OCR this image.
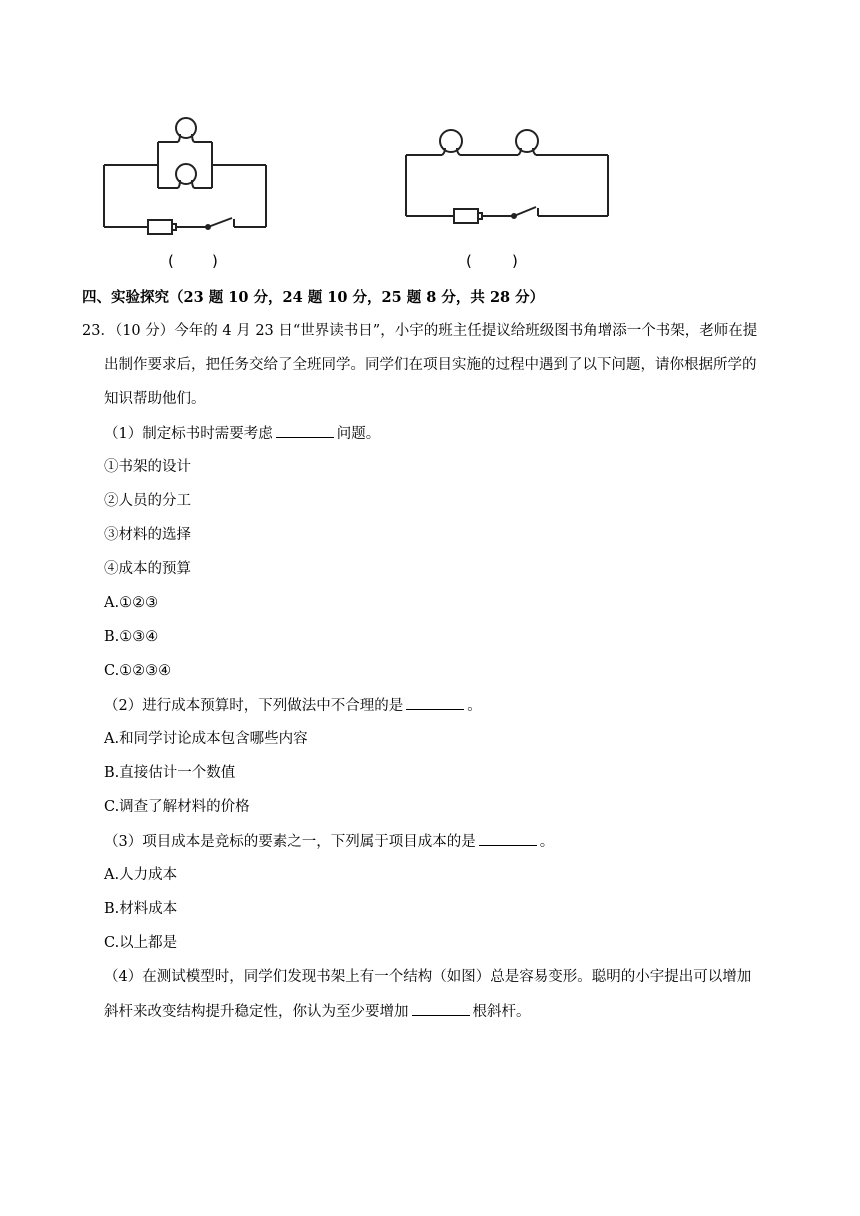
(	)	(	)
四、实验探究（23 题 10 分，24 题 10 分，25 题 8 分，共 28 分）
23．（10 分）今年的 4 月 23 日“世界读书日”，小宇的班主任提议给班级图书角增添一个书架，老师在提
出制作要求后，把任务交给了全班同学。同学们在项目实施的过程中遇到了以下问题，请你根据所学的
知识帮助他们。
（1）制定标书时需要考虑	问题。
①书架的设计
②人员的分工
③材料的选择
④成本的预算
A.①②③
B.①③④
C.①②③④
（2）进行成本预算时，下列做法中不合理的是	。
A.和同学讨论成本包含哪些内容
B.直接估计一个数值
C.调查了解材料的价格
（3）项目成本是竞标的要素之一，下列属于项目成本的是	。
A.人力成本
B.材料成本
C.以上都是
（4）在测试模型时，同学们发现书架上有一个结构（如图）总是容易变形。聪明的小宇提出可以增加
斜杆来改变结构提升稳定性，你认为至少要增加	根斜杆。
